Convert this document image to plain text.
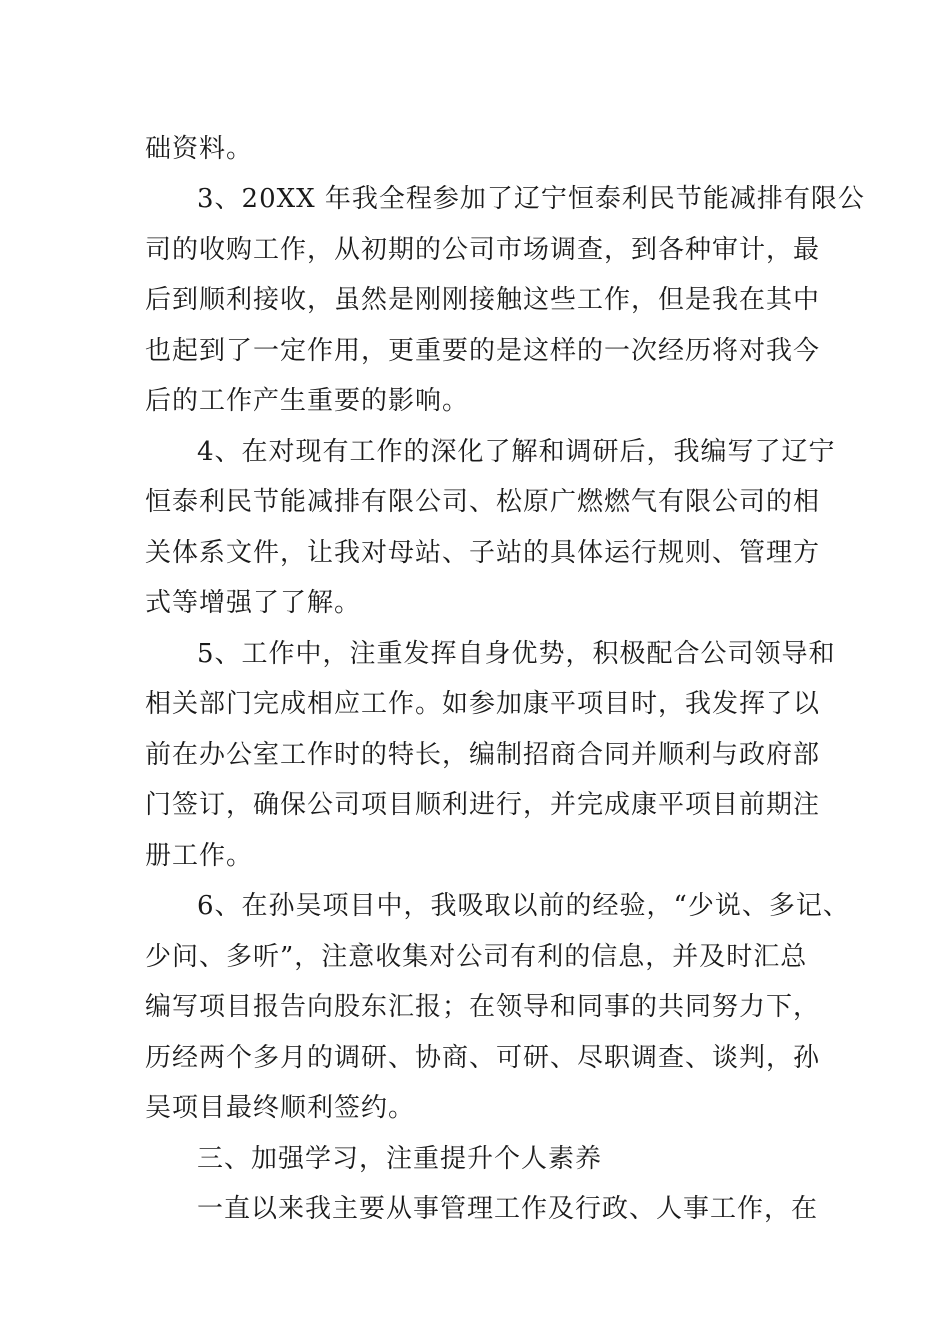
础资料。
3、20XX 年我全程参加了辽宁恒泰利民节能减排有限公
司的收购工作，从初期的公司市场调查，到各种审计，最
后到顺利接收，虽然是刚刚接触这些工作，但是我在其中
也起到了一定作用，更重要的是这样的一次经历将对我今
后的工作产生重要的影响。
4、在对现有工作的深化了解和调研后，我编写了辽宁
恒泰利民节能减排有限公司、松原广燃燃气有限公司的相
关体系文件，让我对母站、子站的具体运行规则、管理方
式等增强了了解。
5、工作中，注重发挥自身优势，积极配合公司领导和
相关部门完成相应工作。如参加康平项目时，我发挥了以
前在办公室工作时的特长，编制招商合同并顺利与政府部
门签订，确保公司项目顺利进行，并完成康平项目前期注
册工作。
6、在孙吴项目中，我吸取以前的经验，“少说、多记、
少问、多听”，注意收集对公司有利的信息，并及时汇总
编写项目报告向股东汇报；在领导和同事的共同努力下，
历经两个多月的调研、协商、可研、尽职调查、谈判，孙
吴项目最终顺利签约。
三、加强学习，注重提升个人素养
一直以来我主要从事管理工作及行政、人事工作，在
